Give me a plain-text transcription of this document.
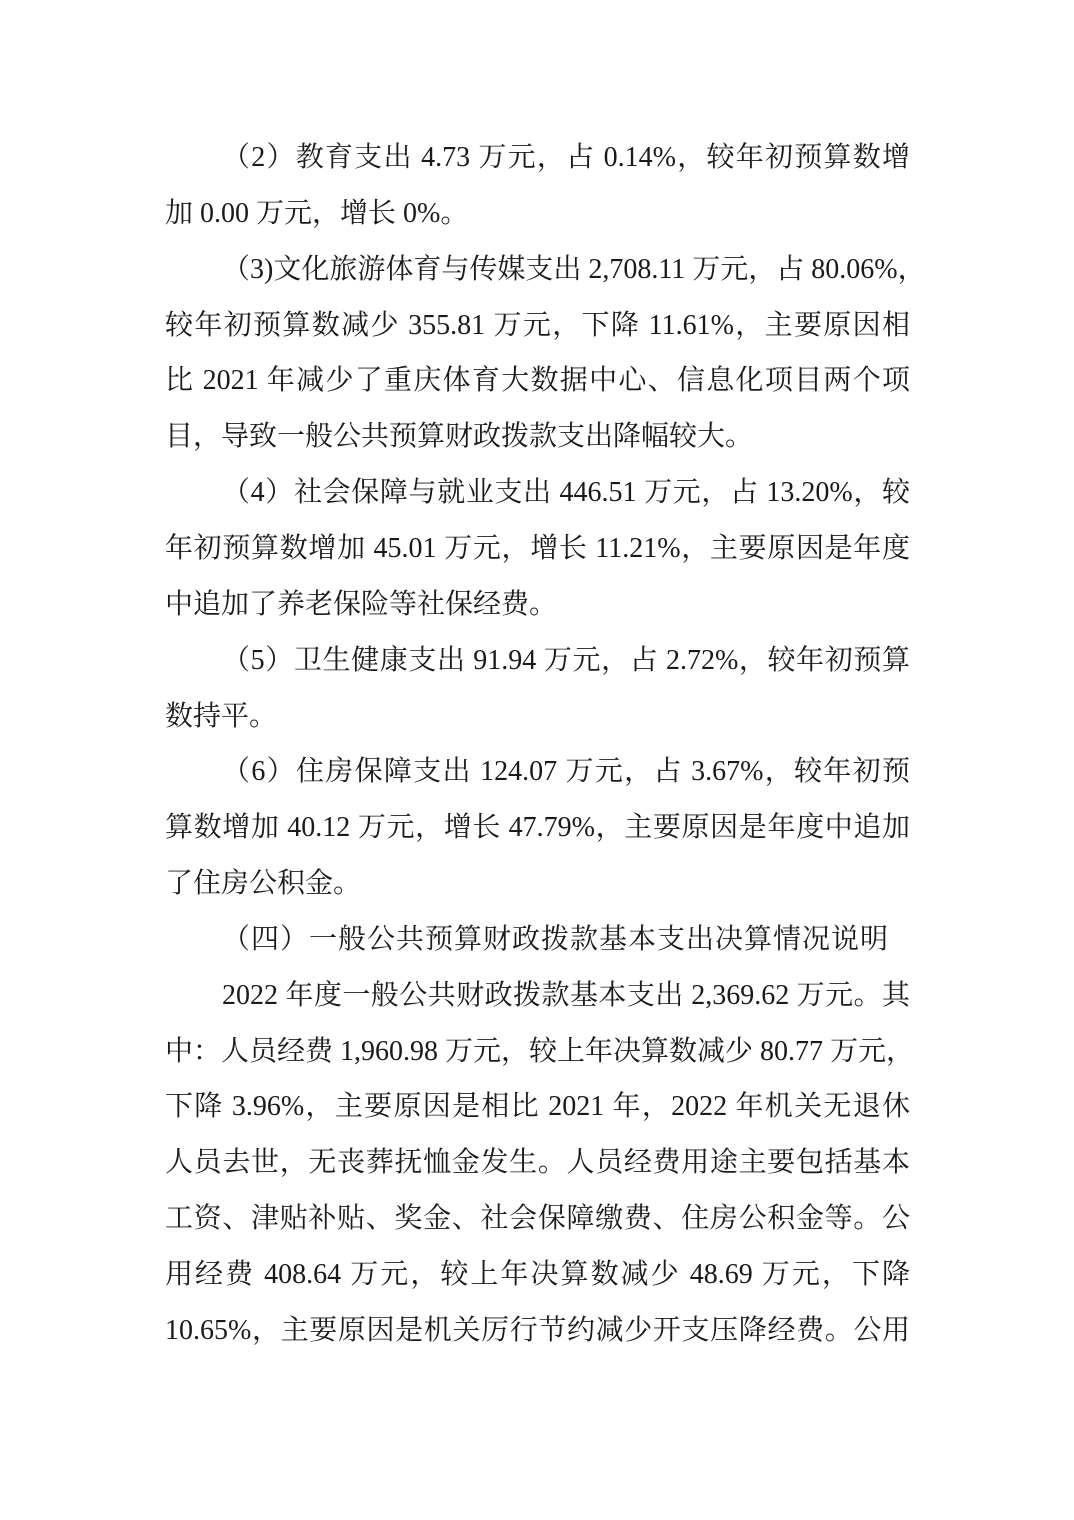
（2）教育支出 4.73 万元，占 0.14%，较年初预算数增
加 0.00 万元，增长 0%。
（3)文化旅游体育与传媒支出 2,708.11 万元，占 80.06%，
较年初预算数减少 355.81 万元，下降 11.61%，主要原因相
比 2021 年减少了重庆体育大数据中心、信息化项目两个项
目，导致一般公共预算财政拨款支出降幅较大。
（4）社会保障与就业支出 446.51 万元，占 13.20%，较
年初预算数增加 45.01 万元，增长 11.21%，主要原因是年度
中追加了养老保险等社保经费。
（5）卫生健康支出 91.94 万元，占 2.72%，较年初预算
数持平。
（6）住房保障支出 124.07 万元，占 3.67%，较年初预
算数增加 40.12 万元，增长 47.79%，主要原因是年度中追加
了住房公积金。
（四）一般公共预算财政拨款基本支出决算情况说明
2022 年度一般公共财政拨款基本支出 2,369.62 万元。其
中：人员经费 1,960.98 万元，较上年决算数减少 80.77 万元，
下降 3.96%，主要原因是相比 2021 年，2022 年机关无退休
人员去世，无丧葬抚恤金发生。人员经费用途主要包括基本
工资、津贴补贴、奖金、社会保障缴费、住房公积金等。公
用经费 408.64 万元，较上年决算数减少 48.69 万元，下降
10.65%，主要原因是机关厉行节约减少开支压降经费。公用
